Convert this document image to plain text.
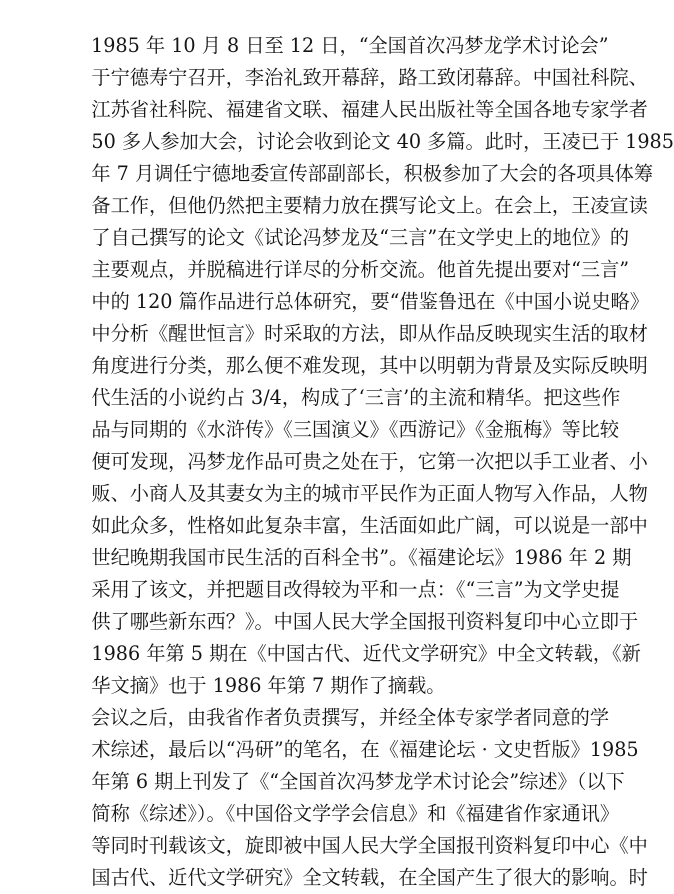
1985 年 10 月 8 日至 12 日，“全国首次冯梦龙学术讨论会”
于宁德寿宁召开，李治礼致开幕辞，路工致闭幕辞。中国社科院、
江苏省社科院、福建省文联、福建人民出版社等全国各地专家学者
50 多人参加大会，讨论会收到论文 40 多篇。此时，王凌已于 1985
年 7 月调任宁德地委宣传部副部长，积极参加了大会的各项具体筹
备工作，但他仍然把主要精力放在撰写论文上。在会上，王凌宣读
了自己撰写的论文《试论冯梦龙及“三言”在文学史上的地位》的
主要观点，并脱稿进行详尽的分析交流。他首先提出要对“三言”
中的 120 篇作品进行总体研究，要“借鉴鲁迅在《中国小说史略》
中分析《醒世恒言》时采取的方法，即从作品反映现实生活的取材
角度进行分类，那么便不难发现，其中以明朝为背景及实际反映明
代生活的小说约占 3/4，构成了‘三言’的主流和精华。把这些作
品与同期的《水浒传》《三国演义》《西游记》《金瓶梅》等比较
便可发现，冯梦龙作品可贵之处在于，它第一次把以手工业者、小
贩、小商人及其妻女为主的城市平民作为正面人物写入作品，人物
如此众多，性格如此复杂丰富，生活面如此广阔，可以说是一部中
世纪晚期我国市民生活的百科全书”。《福建论坛》1986 年 2 期
采用了该文，并把题目改得较为平和一点：《“三言”为文学史提
供了哪些新东西？》。中国人民大学全国报刊资料复印中心立即于
1986 年第 5 期在《中国古代、近代文学研究》中全文转载，《新
华文摘》也于 1986 年第 7 期作了摘载。
会议之后，由我省作者负责撰写，并经全体专家学者同意的学
术综述，最后以“冯研”的笔名，在《福建论坛 · 文史哲版》1985
年第 6 期上刊发了《“全国首次冯梦龙学术讨论会”综述》（以下
简称《综述》）。《中国俗文学学会信息》和《福建省作家通讯》
等同时刊载该文，旋即被中国人民大学全国报刊资料复印中心《中
国古代、近代文学研究》全文转载，在全国产生了很大的影响。时
